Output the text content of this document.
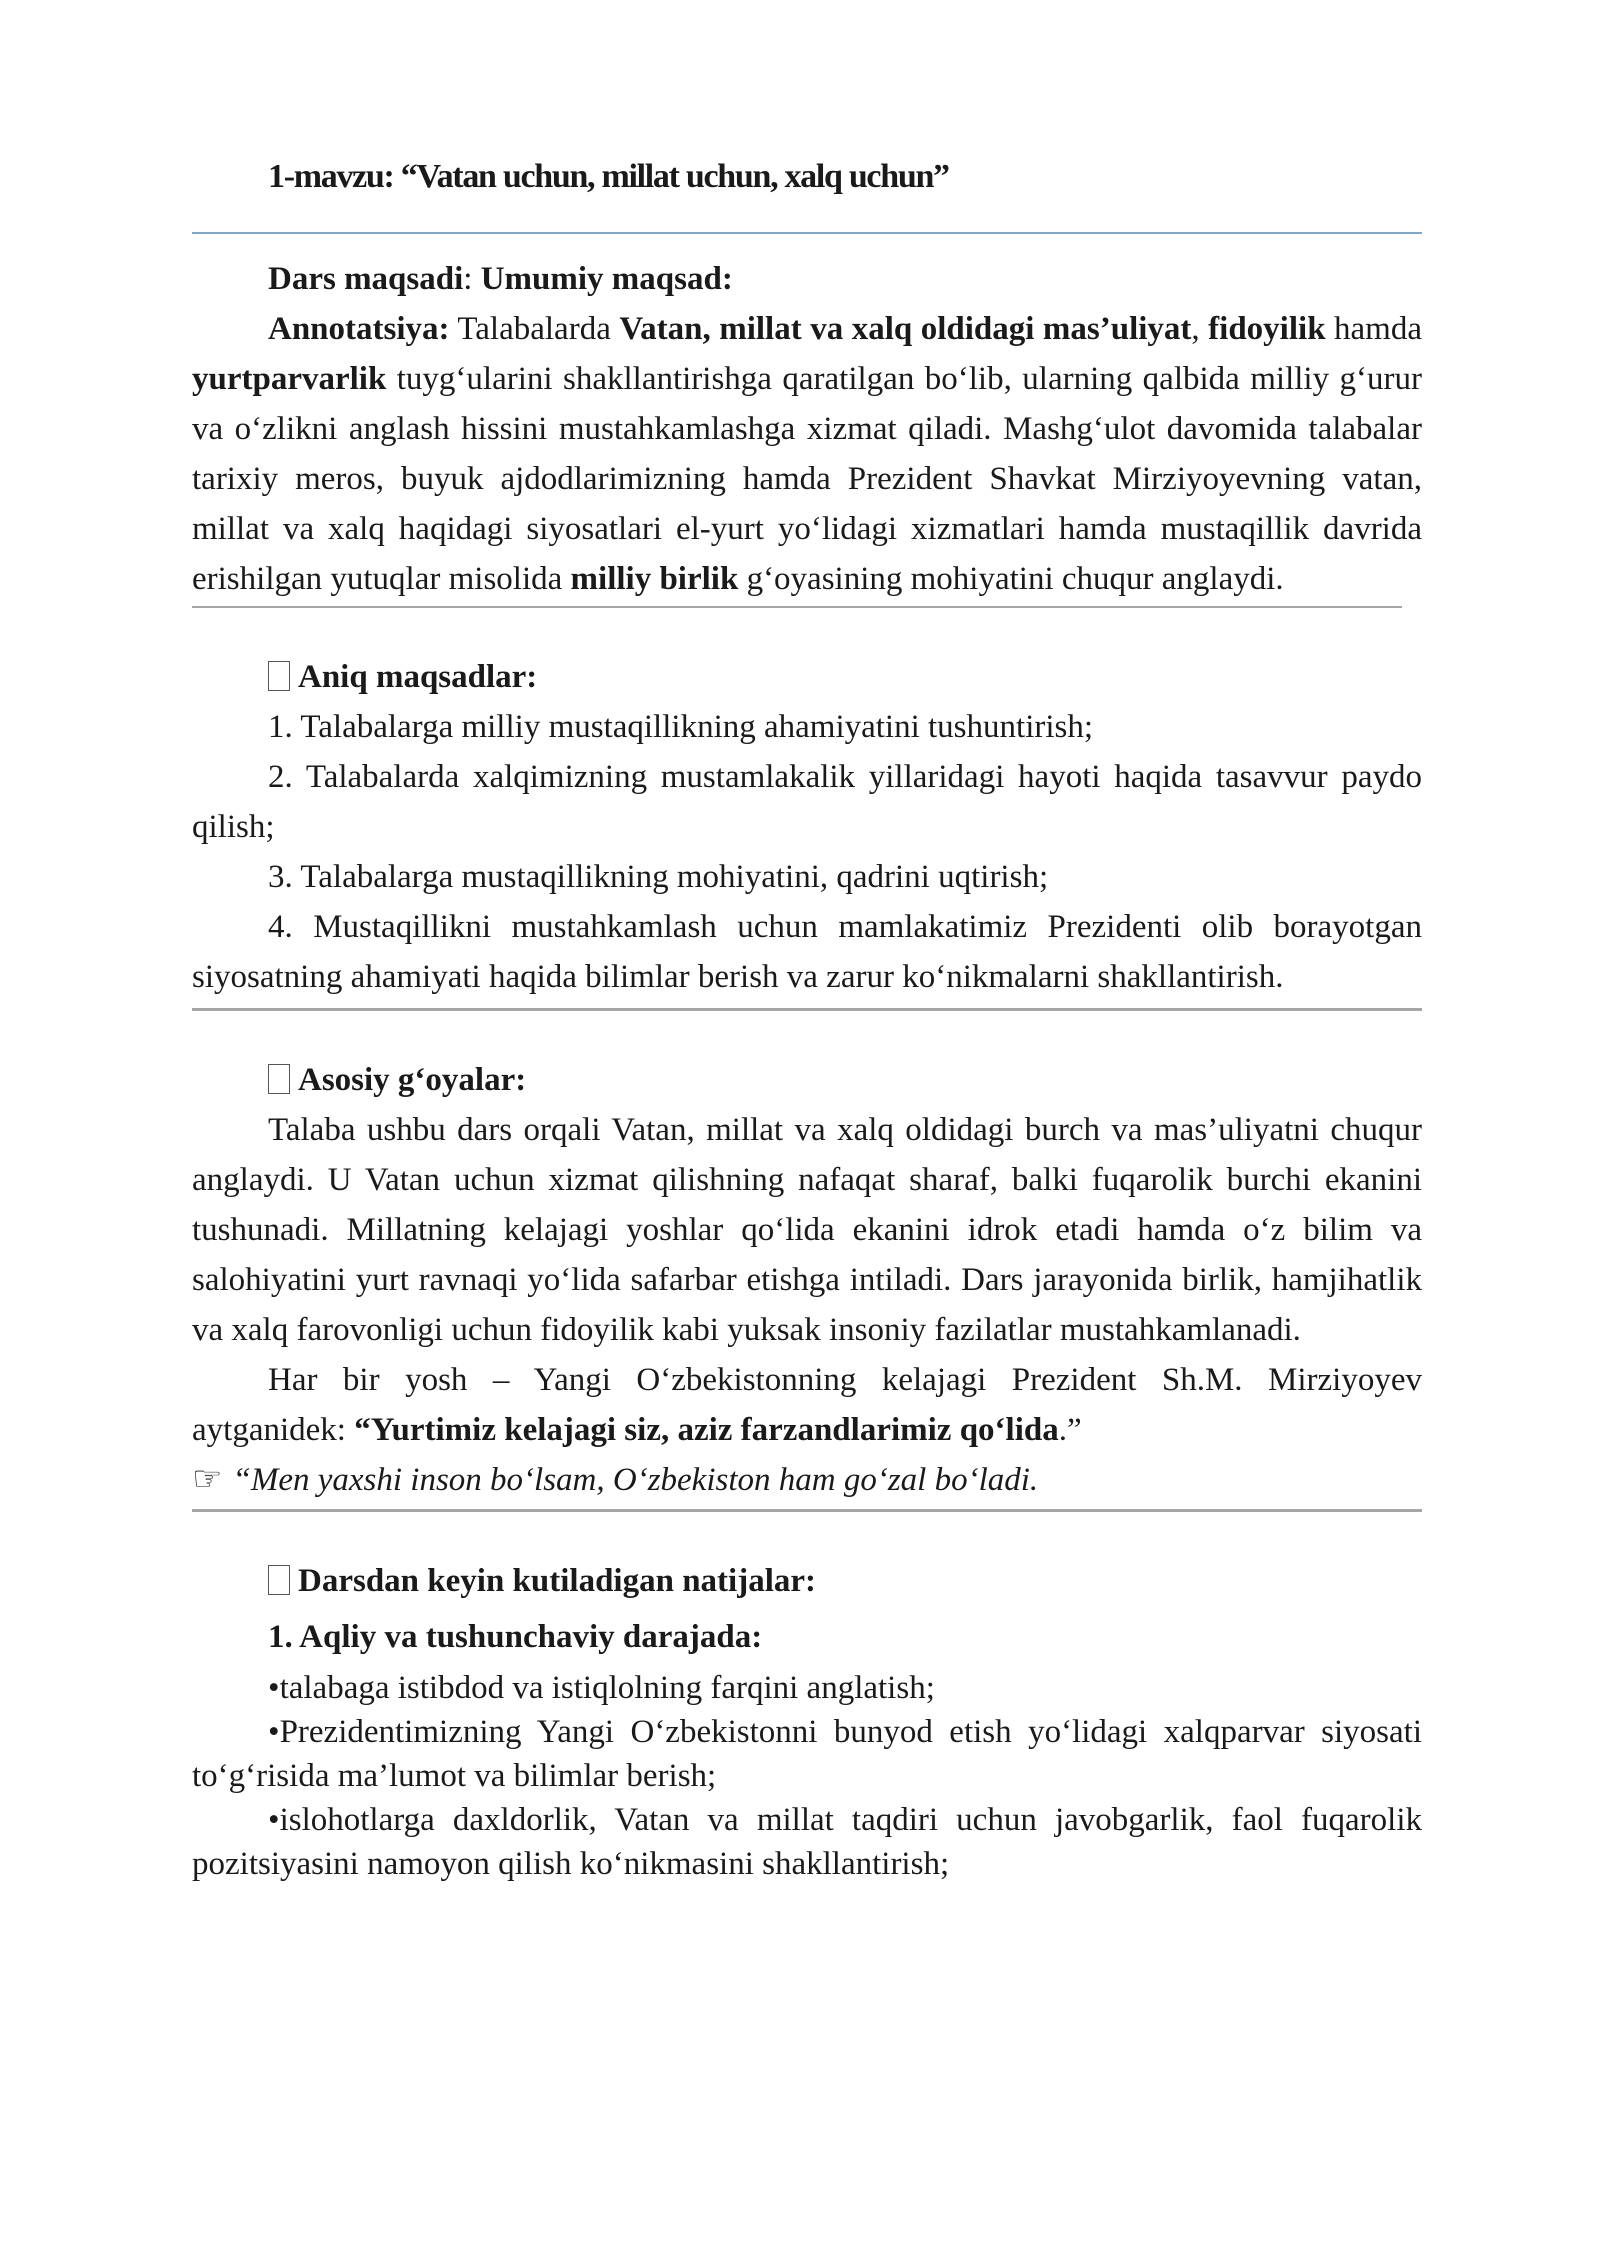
1-mavzu: “Vatan uchun, millat uchun, xalq uchun”

Dars maqsadi: Umumiy maqsad:

Annotatsiya: Talabalarda Vatan, millat va xalq oldidagi mas’uliyat, fidoyilik hamda yurtparvarlik tuyg‘ularini shakllantirishga qaratilgan bo‘lib, ularning qalbida milliy g‘urur va o‘zlikni anglash hissini mustahkamlashga xizmat qiladi. Mashg‘ulot davomida talabalar tarixiy meros, buyuk ajdodlarimizning hamda Prezident Shavkat Mirziyoyevning vatan, millat va xalq haqidagi siyosatlari el-yurt yo‘lidagi xizmatlari hamda mustaqillik davrida erishilgan yutuqlar misolida milliy birlik g‘oyasining mohiyatini chuqur anglaydi.

Aniq maqsadlar:

1. Talabalarga milliy mustaqillikning ahamiyatini tushuntirish;

2. Talabalarda xalqimizning mustamlakalik yillaridagi hayoti haqida tasavvur paydo qilish;

3. Talabalarga mustaqillikning mohiyatini, qadrini uqtirish;

4. Mustaqillikni mustahkamlash uchun mamlakatimiz Prezidenti olib borayotgan siyosatning ahamiyati haqida bilimlar berish va zarur ko‘nikmalarni shakllantirish.

Asosiy g‘oyalar:

Talaba ushbu dars orqali Vatan, millat va xalq oldidagi burch va mas’uliyatni chuqur anglaydi. U Vatan uchun xizmat qilishning nafaqat sharaf, balki fuqarolik burchi ekanini tushunadi. Millatning kelajagi yoshlar qo‘lida ekanini idrok etadi hamda o‘z bilim va salohiyatini yurt ravnaqi yo‘lida safarbar etishga intiladi. Dars jarayonida birlik, hamjihatlik va xalq farovonligi uchun fidoyilik kabi yuksak insoniy fazilatlar mustahkamlanadi.

Har bir yosh – Yangi O‘zbekistonning kelajagi Prezident Sh.M. Mirziyoyev aytganidek: “Yurtimiz kelajagi siz, aziz farzandlarimiz qo‘lida.”

☞ “Men yaxshi inson bo‘lsam, O‘zbekiston ham go‘zal bo‘ladi.

Darsdan keyin kutiladigan natijalar:
1. Aqliy va tushunchaviy darajada:

•talabaga istibdod va istiqlolning farqini anglatish;

•Prezidentimizning Yangi O‘zbekistonni bunyod etish yo‘lidagi xalqparvar siyosati to‘g‘risida ma’lumot va bilimlar berish;

•islohotlarga daxldorlik, Vatan va millat taqdiri uchun javobgarlik, faol fuqarolik pozitsiyasini namoyon qilish ko‘nikmasini shakllantirish;
